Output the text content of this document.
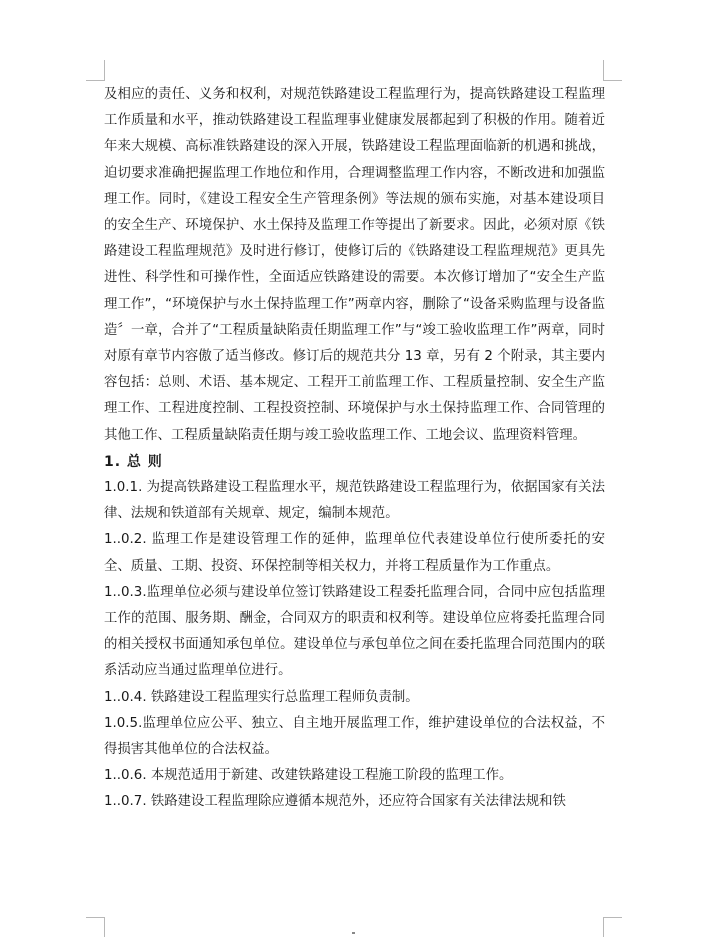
及相应的责任、义务和权利，对规范铁路建设工程监理行为，提高铁路建设工程监理工作质量和水平，推动铁路建设工程监理事业健康发展都起到了积极的作用。随着近年来大规模、高标准铁路建设的深入开展，铁路建设工程监理面临新的机遇和挑战，迫切要求准确把握监理工作地位和作用，合理调整监理工作内容，不断改进和加强监理工作。同时，《建设工程安全生产管理条例》等法规的颁布实施，对基本建设项目的安全生产、环境保护、水土保持及监理工作等提出了新要求。因此，必须对原《铁路建设工程监理规范》及时进行修订，使修订后的《铁路建设工程监理规范》更具先进性、科学性和可操作性，全面适应铁路建设的需要。本次修订增加了“安全生产监理工作”，“环境保护与水土保持监理工作”两章内容，删除了“设备采购监理与设备监造〞一章，合并了“工程质量缺陷责任期监理工作”与“竣工验收监理工作”两章，同时对原有章节内容傲了适当修改。修订后的规范共分 13 章，另有 2 个附录，其主要内容包括：总则、术语、基本规定、工程开工前监理工作、工程质量控制、安全生产监理工作、工程进度控制、工程投资控制、环境保护与水土保持监理工作、合同管理的其他工作、工程质量缺陷责任期与竣工验收监理工作、工地会议、监理资料管理。

1. 总 则

1.0.1. 为提高铁路建设工程监理水平，规范铁路建设工程监理行为，依据国家有关法律、法规和铁道部有关规章、规定，编制本规范。

1..0.2. 监理工作是建设管理工作的延伸，监理单位代表建设单位行使所委托的安全、质量、工期、投资、环保控制等相关权力，并将工程质量作为工作重点。

1..0.3.监理单位必须与建设单位签订铁路建设工程委托监理合同，合同中应包括监理工作的范围、服务期、酬金，合同双方的职责和权利等。建设单位应将委托监理合同的相关授权书面通知承包单位。建设单位与承包单位之间在委托监理合同范围内的联系活动应当通过监理单位进行。

1..0.4. 铁路建设工程监理实行总监理工程师负责制。

1.0.5.监理单位应公平、独立、自主地开展监理工作，维护建设单位的合法权益，不得损害其他单位的合法权益。

1..0.6. 本规范适用于新建、改建铁路建设工程施工阶段的监理工作。

1..0.7. 铁路建设工程监理除应遵循本规范外，还应符合国家有关法律法规和铁
